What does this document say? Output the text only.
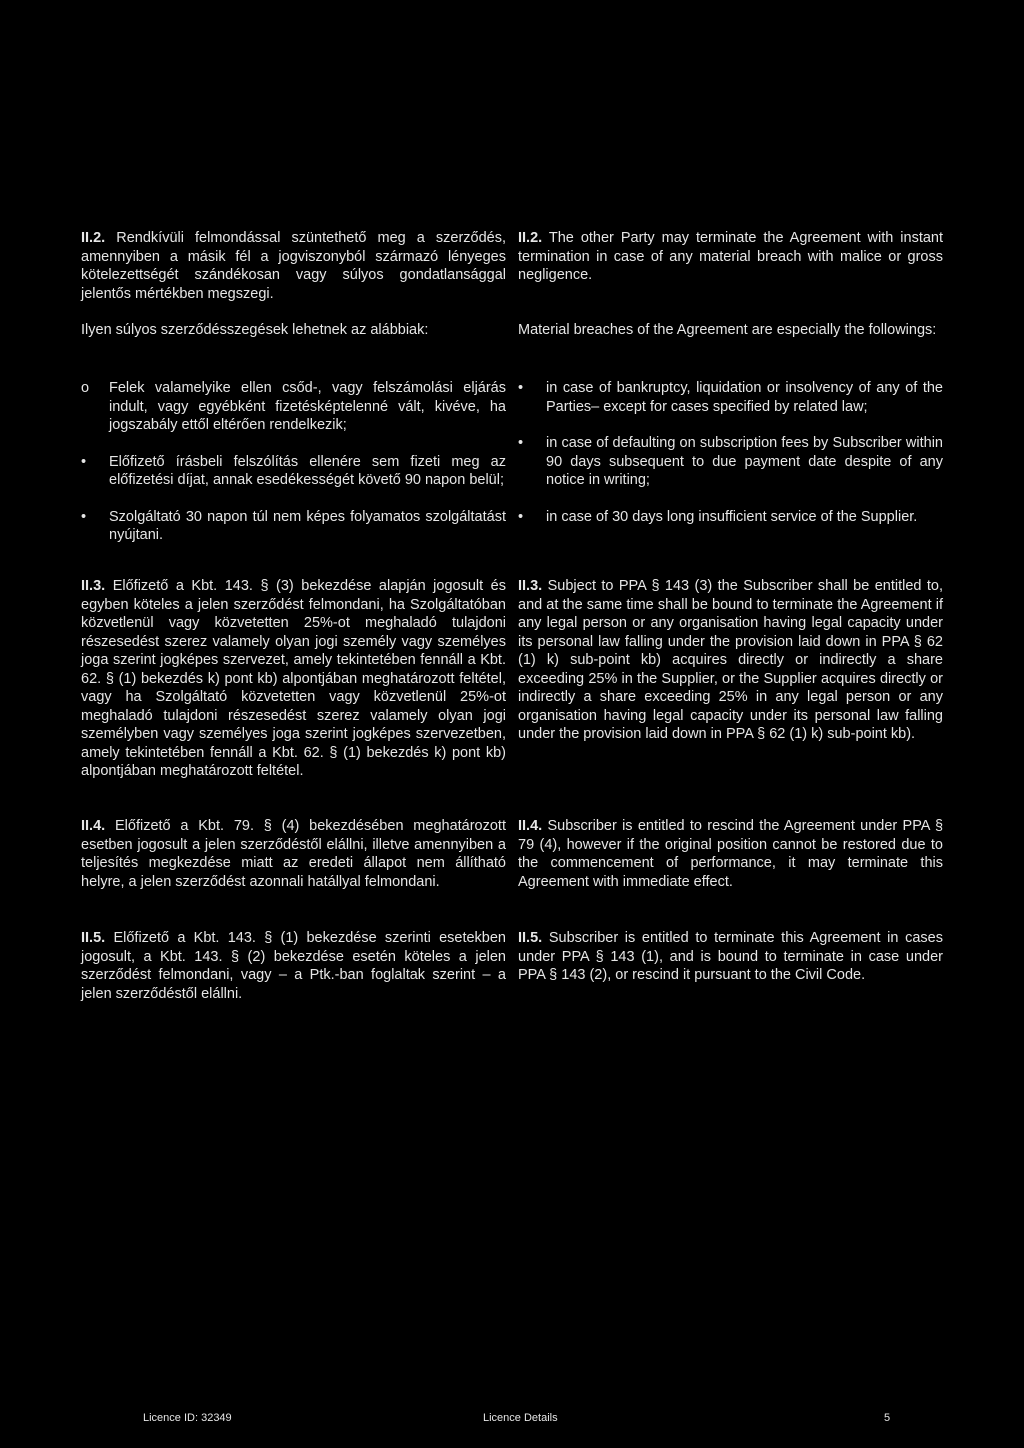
II.2. Rendkívüli felmondással szüntethető meg a szerződés, amennyiben a másik fél a jogviszonyból származó lényeges kötelezettségét szándékosan vagy súlyos gondatlansággal jelentős mértékben megszegi.
Ilyen súlyos szerződésszegések lehetnek az alábbiak:
o Felek valamelyike ellen csőd-, vagy felszámolási eljárás indult, vagy egyébként fizetésképtelenné vált, kivéve, ha jogszabály ettől eltérően rendelkezik;
• Előfizető írásbeli felszólítás ellenére sem fizeti meg az előfizetési díjat, annak esedékességét követő 90 napon belül;
• Szolgáltató 30 napon túl nem képes folyamatos szolgáltatást nyújtani.
II.3. Előfizető a Kbt. 143. § (3) bekezdése alapján jogosult és egyben köteles a jelen szerződést felmondani, ha Szolgáltatóban közvetlenül vagy közvetetten 25%-ot meghaladó tulajdoni részesedést szerez valamely olyan jogi személy vagy személyes joga szerint jogképes szervezet, amely tekintetében fennáll a Kbt. 62. § (1) bekezdés k) pont kb) alpontjában meghatározott feltétel, vagy ha Szolgáltató közvetetten vagy közvetlenül 25%-ot meghaladó tulajdoni részesedést szerez valamely olyan jogi személyben vagy személyes joga szerint jogképes szervezetben, amely tekintetében fennáll a Kbt. 62. § (1) bekezdés k) pont kb) alpontjában meghatározott feltétel.
II.4. Előfizető a Kbt. 79. § (4) bekezdésében meghatározott esetben jogosult a jelen szerződéstől elállni, illetve amennyiben a teljesítés megkezdése miatt az eredeti állapot nem állítható helyre, a jelen szerződést azonnali hatállyal felmondani.
II.5. Előfizető a Kbt. 143. § (1) bekezdése szerinti esetekben jogosult, a Kbt. 143. § (2) bekezdése esetén köteles a jelen szerződést felmondani, vagy – a Ptk.-ban foglaltak szerint – a jelen szerződéstől elállni.
II.2. The other Party may terminate the Agreement with instant termination in case of any material breach with malice or gross negligence.
Material breaches of the Agreement are especially the followings:
• in case of bankruptcy, liquidation or insolvency of any of the Parties– except for cases specified by related law;
• in case of defaulting on subscription fees by Subscriber within 90 days subsequent to due payment date despite of any notice in writing;
• in case of 30 days long insufficient service of the Supplier.
II.3. Subject to PPA § 143 (3) the Subscriber shall be entitled to, and at the same time shall be bound to terminate the Agreement if any legal person or any organisation having legal capacity under its personal law falling under the provision laid down in PPA § 62 (1) k) sub-point kb) acquires directly or indirectly a share exceeding 25% in the Supplier, or the Supplier acquires directly or indirectly a share exceeding 25% in any legal person or any organisation having legal capacity under its personal law falling under the provision laid down in PPA § 62 (1) k) sub-point kb).
II.4. Subscriber is entitled to rescind the Agreement under PPA § 79 (4), however if the original position cannot be restored due to the commencement of performance, it may terminate this Agreement with immediate effect.
II.5. Subscriber is entitled to terminate this Agreement in cases under PPA § 143 (1), and is bound to terminate in case under PPA § 143 (2), or rescind it pursuant to the Civil Code.
Licence ID: 32349	Licence Details	5
